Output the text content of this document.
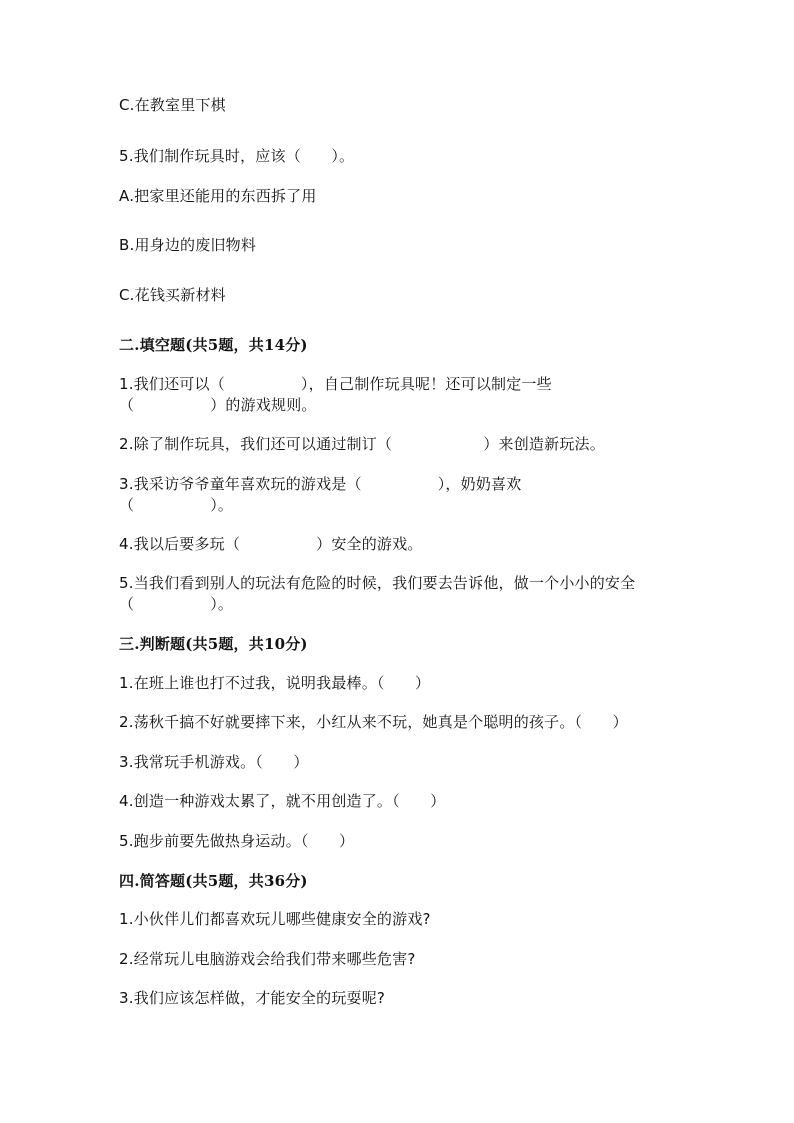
C.在教室里下棋
5.我们制作玩具时，应该（　　）。
A.把家里还能用的东西拆了用
B.用身边的废旧物料
C.花钱买新材料
二.填空题(共5题，共14分)
1.我们还可以（　　　　　），自己制作玩具呢！还可以制定一些
（　　　　　）的游戏规则。
2.除了制作玩具，我们还可以通过制订（　　　　　　）来创造新玩法。
3.我采访爷爷童年喜欢玩的游戏是（　　　　　），奶奶喜欢
（　　　　　）。
4.我以后要多玩（　　　　　）安全的游戏。
5.当我们看到别人的玩法有危险的时候，我们要去告诉他，做一个小小的安全
（　　　　　）。
三.判断题(共5题，共10分)
1.在班上谁也打不过我，说明我最棒。（　　）
2.荡秋千搞不好就要摔下来，小红从来不玩，她真是个聪明的孩子。（　　）
3.我常玩手机游戏。（　　）
4.创造一种游戏太累了，就不用创造了。（　　）
5.跑步前要先做热身运动。（　　）
四.简答题(共5题，共36分)
1.小伙伴儿们都喜欢玩儿哪些健康安全的游戏?
2.经常玩儿电脑游戏会给我们带来哪些危害?
3.我们应该怎样做，才能安全的玩耍呢?
